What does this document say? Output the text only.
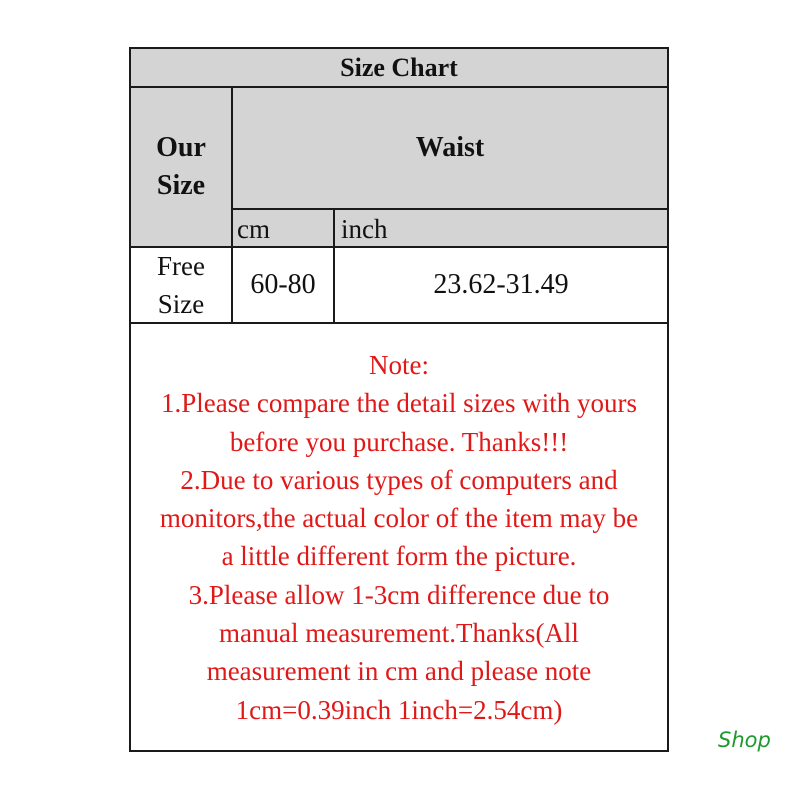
Size Chart
Our
Size
Waist
cm	inch
Free
Size
60-80	23.62-31.49
Note:
1.Please compare the detail sizes with yours
before you purchase. Thanks!!!
2.Due to various types of computers and
monitors,the actual color of the item may be
a little different form the picture.
3.Please allow 1-3cm difference due to
manual measurement.Thanks(All
measurement in cm and please note
1cm=0.39inch 1inch=2.54cm)
Shop
